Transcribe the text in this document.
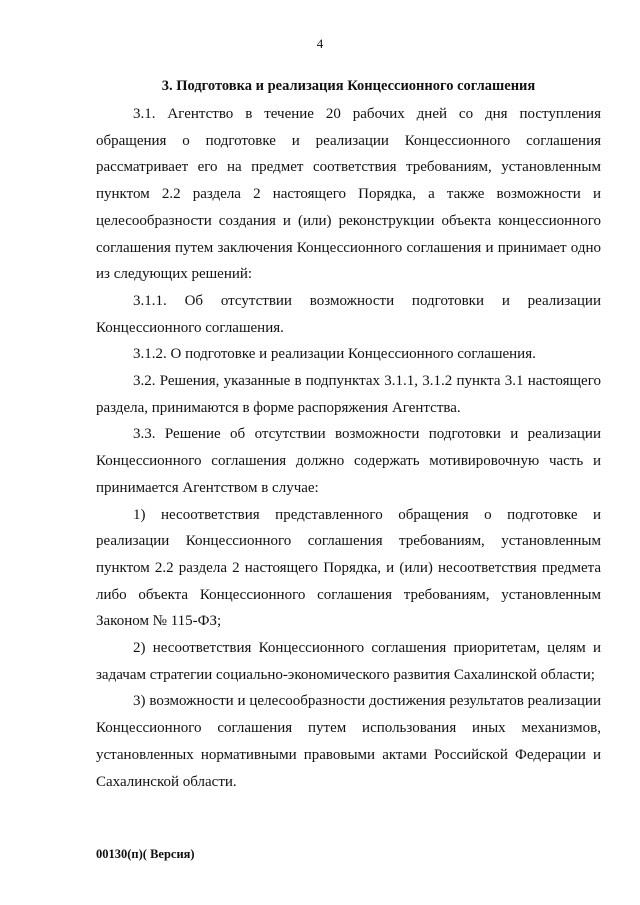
4
3. Подготовка и реализация Концессионного соглашения

3.1. Агентство в течение 20 рабочих дней со дня поступления обращения о подготовке и реализации Концессионного соглашения рассматривает его на предмет соответствия требованиям, установленным пунктом 2.2 раздела 2 настоящего Порядка, а также возможности и целесообразности создания и (или) реконструкции объекта концессионного соглашения путем заключения Концессионного соглашения и принимает одно из следующих решений:

3.1.1. Об отсутствии возможности подготовки и реализации Концессионного соглашения.

3.1.2. О подготовке и реализации Концессионного соглашения.

3.2. Решения, указанные в подпунктах 3.1.1, 3.1.2 пункта 3.1 настоящего раздела, принимаются в форме распоряжения Агентства.

3.3. Решение об отсутствии возможности подготовки и реализации Концессионного соглашения должно содержать мотивировочную часть и принимается Агентством в случае:

1) несоответствия представленного обращения о подготовке и реализации Концессионного соглашения требованиям, установленным пунктом 2.2 раздела 2 настоящего Порядка, и (или) несоответствия предмета либо объекта Концессионного соглашения требованиям, установленным Законом № 115-ФЗ;

2) несоответствия Концессионного соглашения приоритетам, целям и задачам стратегии социально-экономического развития Сахалинской области;

3) возможности и целесообразности достижения результатов реализации Концессионного соглашения путем использования иных механизмов, установленных нормативными правовыми актами Российской Федерации и Сахалинской области.

00130(п)( Версия)
